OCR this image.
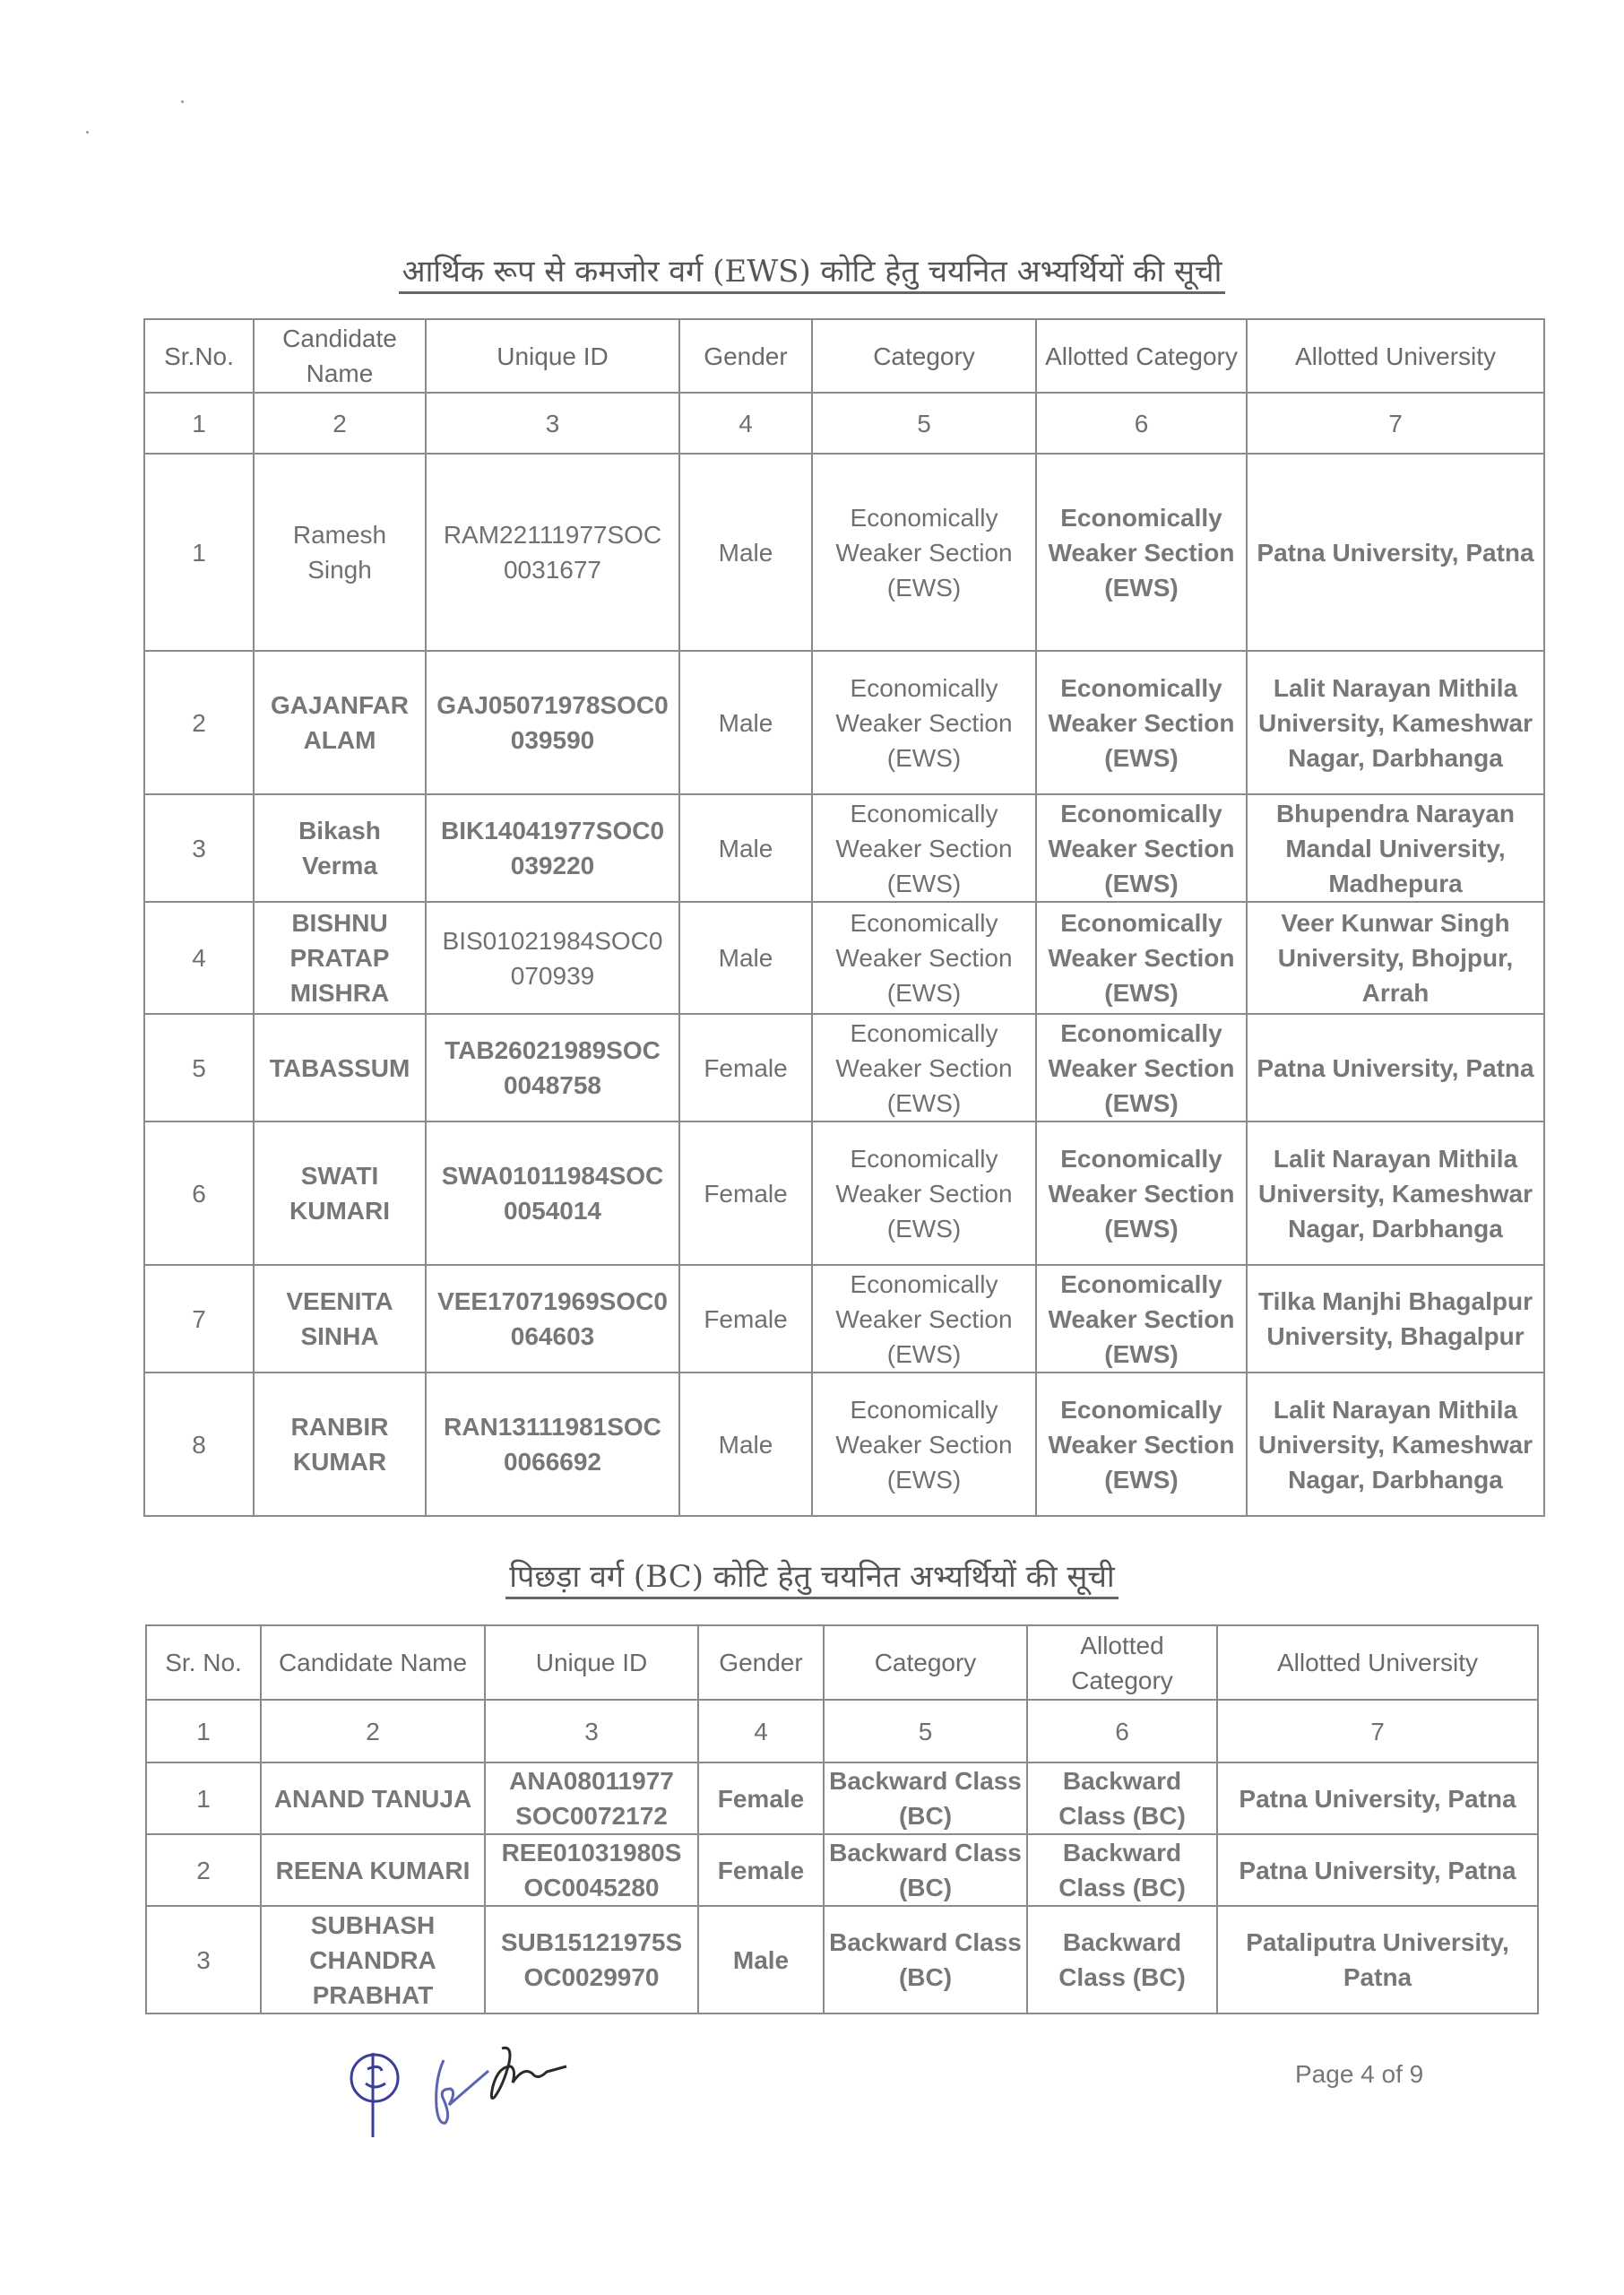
आर्थिक रूप से कमजोर वर्ग (EWS) कोटि हेतु चयनित अभ्यर्थियों की सूची
Sr.No.	Candidate Name	Unique ID	Gender	Category	Allotted Category	Allotted University
1	2	3	4	5	6	7
1	Ramesh Singh	RAM22111977SOC 0031677	Male	Economically Weaker Section (EWS)	Economically Weaker Section (EWS)	Patna University, Patna
2	GAJANFAR ALAM	GAJ05071978SOC0 039590	Male	Economically Weaker Section (EWS)	Economically Weaker Section (EWS)	Lalit Narayan Mithila University, Kameshwar Nagar, Darbhanga
3	Bikash Verma	BIK14041977SOC0 039220	Male	Economically Weaker Section (EWS)	Economically Weaker Section (EWS)	Bhupendra Narayan Mandal University, Madhepura
4	BISHNU PRATAP MISHRA	BIS01021984SOC0 070939	Male	Economically Weaker Section (EWS)	Economically Weaker Section (EWS)	Veer Kunwar Singh University, Bhojpur, Arrah
5	TABASSUM	TAB26021989SOC 0048758	Female	Economically Weaker Section (EWS)	Economically Weaker Section (EWS)	Patna University, Patna
6	SWATI KUMARI	SWA01011984SOC 0054014	Female	Economically Weaker Section (EWS)	Economically Weaker Section (EWS)	Lalit Narayan Mithila University, Kameshwar Nagar, Darbhanga
7	VEENITA SINHA	VEE17071969SOC0 064603	Female	Economically Weaker Section (EWS)	Economically Weaker Section (EWS)	Tilka Manjhi Bhagalpur University, Bhagalpur
8	RANBIR KUMAR	RAN13111981SOC 0066692	Male	Economically Weaker Section (EWS)	Economically Weaker Section (EWS)	Lalit Narayan Mithila University, Kameshwar Nagar, Darbhanga
पिछड़ा वर्ग (BC) कोटि हेतु चयनित अभ्यर्थियों की सूची
Sr. No.	Candidate Name	Unique ID	Gender	Category	Allotted Category	Allotted University
1	2	3	4	5	6	7
1	ANAND TANUJA	ANA08011977 SOC0072172	Female	Backward Class (BC)	Backward Class (BC)	Patna University, Patna
2	REENA KUMARI	REE01031980S OC0045280	Female	Backward Class (BC)	Backward Class (BC)	Patna University, Patna
3	SUBHASH CHANDRA PRABHAT	SUB15121975S OC0029970	Male	Backward Class (BC)	Backward Class (BC)	Pataliputra University, Patna
Page 4 of 9
